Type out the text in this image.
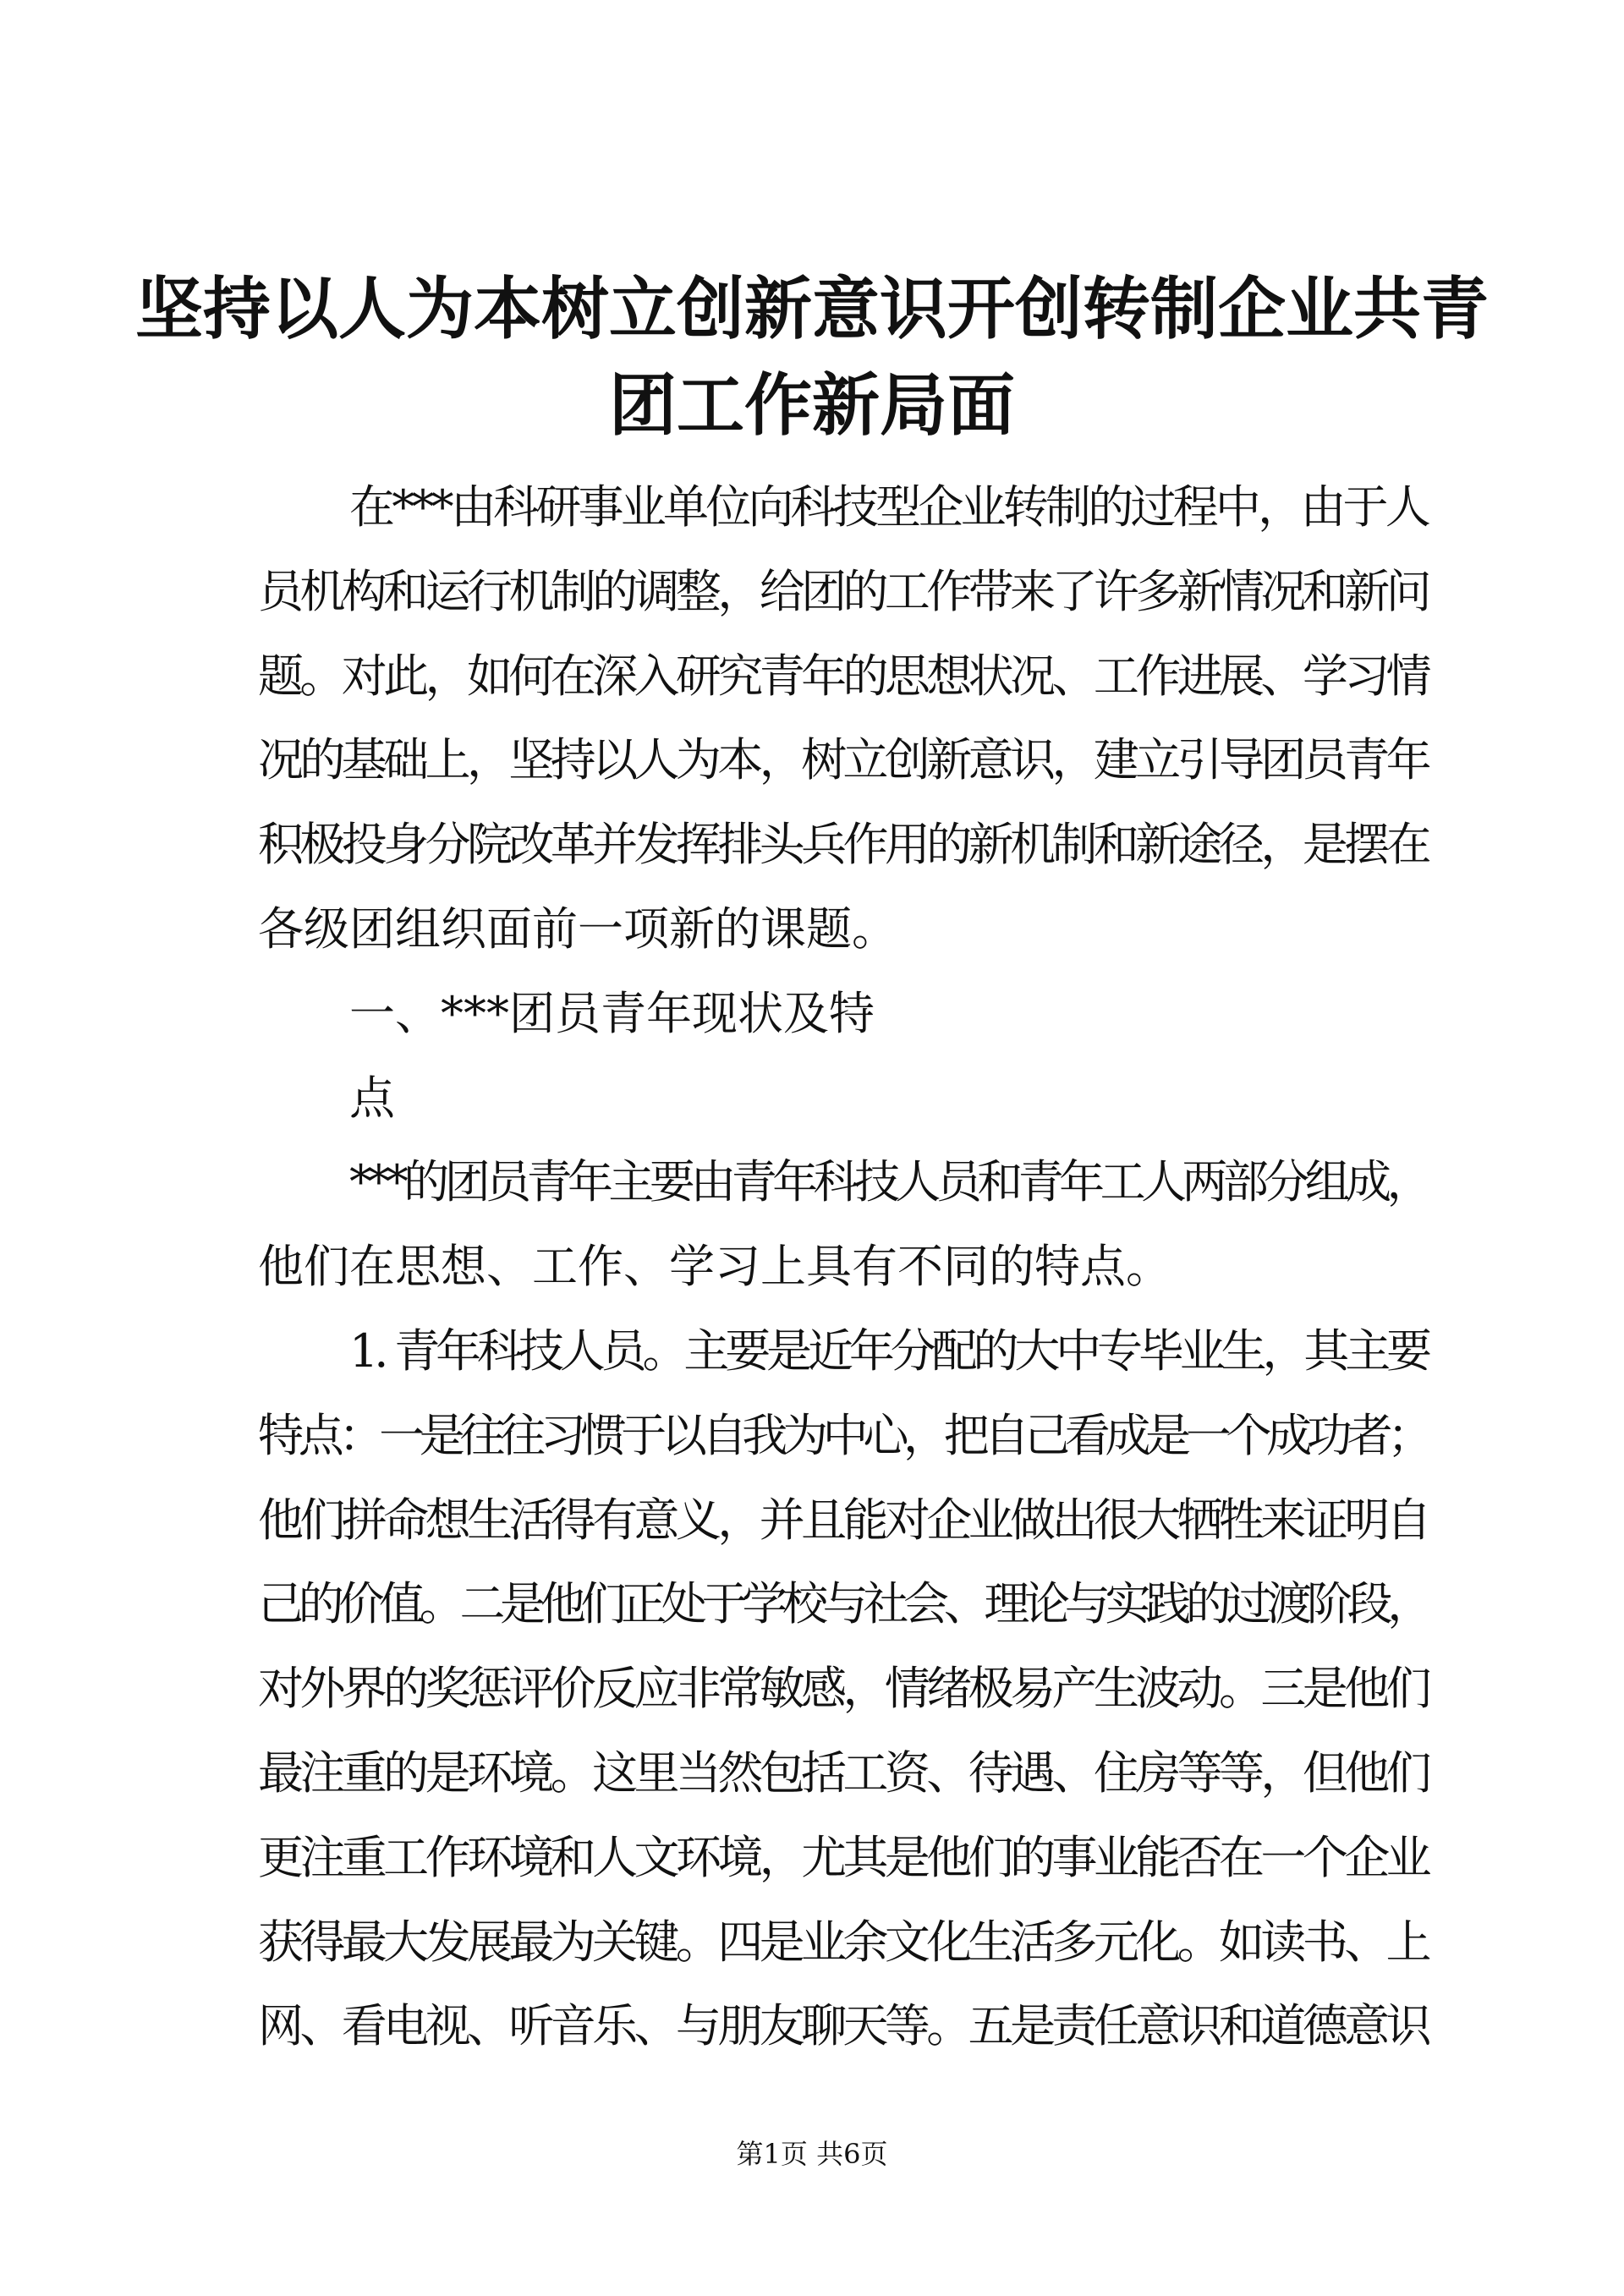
坚持以人为本树立创新意识开创转制企业共青
团工作新局面
在***由科研事业单位向科技型企业转制的过程中，由于人
员机构和运行机制的调整，给团的工作带来了许多新情况和新问
题。对此，如何在深入研究青年的思想状况、工作进展、学习情
况的基础上，坚持以人为本，树立创新意识，建立引导团员青年
积极投身分院改革并发挥排头兵作用的新机制和新途径，是摆在
各级团组织面前一项新的课题。
一、***团员青年现状及特
点
***的团员青年主要由青年科技人员和青年工人两部分组成，
他们在思想、工作、学习上具有不同的特点。
1. 青年科技人员。主要是近年分配的大中专毕业生，其主要
特点：一是往往习惯于以自我为中心，把自己看成是一个成功者；
他们拼命想生活得有意义，并且能对企业做出很大牺牲来证明自
己的价值。二是他们正处于学校与社会、理论与实践的过渡阶段，
对外界的奖惩评价反应非常敏感，情绪极易产生波动。三是他们
最注重的是环境。这里当然包括工资、待遇、住房等等，但他们
更注重工作环境和人文环境，尤其是他们的事业能否在一个企业
获得最大发展最为关键。四是业余文化生活多元化。如读书、上
网、看电视、听音乐、与朋友聊天等。五是责任意识和道德意识
第1页 共6页
